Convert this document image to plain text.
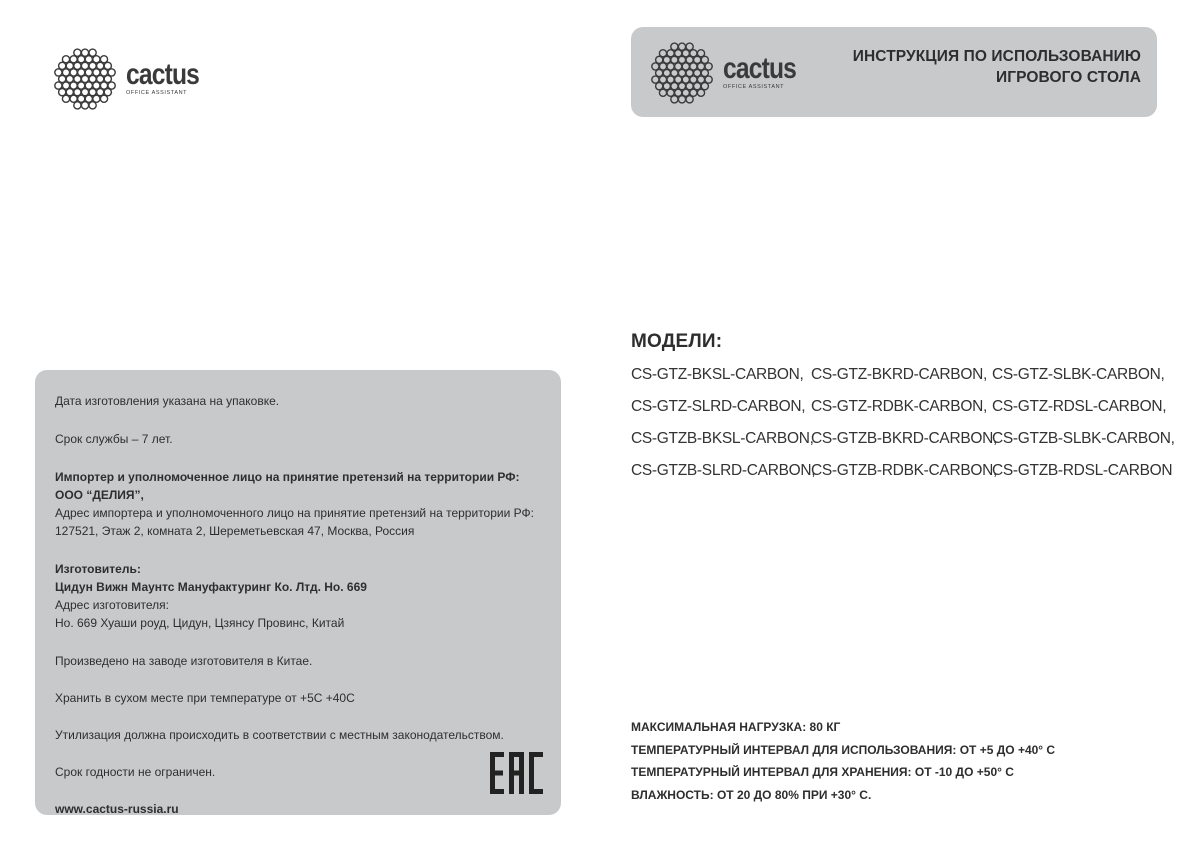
cactus
OFFICE ASSISTANT
ИНСТРУКЦИЯ ПО ИСПОЛЬЗОВАНИЮ
ИГРОВОГО СТОЛА
cactus
OFFICE ASSISTANT
МОДЕЛИ:
CS-GTZ-BKSL-CARBON, CS-GTZ-BKRD-CARBON, CS-GTZ-SLBK-CARBON,
CS-GTZ-SLRD-CARBON, CS-GTZ-RDBK-CARBON, CS-GTZ-RDSL-CARBON,
CS-GTZB-BKSL-CARBON,
CS-GTZB-BKRD-CARBON,
CS-GTZB-SLBK-CARBON,
CS-GTZB-SLRD-CARBON,
CS-GTZB-RDBK-CARBON,
CS-GTZB-RDSL-CARBON
МАКСИМАЛЬНАЯ НАГРУЗКА: 80 КГ
ТЕМПЕРАТУРНЫЙ ИНТЕРВАЛ ДЛЯ ИСПОЛЬЗОВАНИЯ: ОТ +5 ДО +40° С
ТЕМПЕРАТУРНЫЙ ИНТЕРВАЛ ДЛЯ ХРАНЕНИЯ: ОТ -10 ДО +50° С
ВЛАЖНОСТЬ: ОТ 20 ДО 80% ПРИ +30° С.

Дата изготовления указана на упаковке.

Срок службы – 7 лет.

Импортер и уполномоченное лицо на принятие претензий на территории РФ:

ООО “ДЕЛИЯ”,

Адрес импортера и уполномоченного лицо на принятие претензий на территории РФ:

127521, Этаж 2, комната 2, Шереметьевская 47, Москва, Россия

Изготовитель:

Цидун Вижн Маунтс Мануфактуринг Ко. Лтд. Но. 669

Адрес изготовителя:

Но. 669 Хуаши роуд, Цидун, Цзянсу Провинс, Китай

Произведено на заводе изготовителя в Китае.

Хранить в сухом месте при температуре от +5С +40С

Утилизация должна происходить в соответствии с местным законодательством.

Срок годности не ограничен.

www.cactus-russia.ru
